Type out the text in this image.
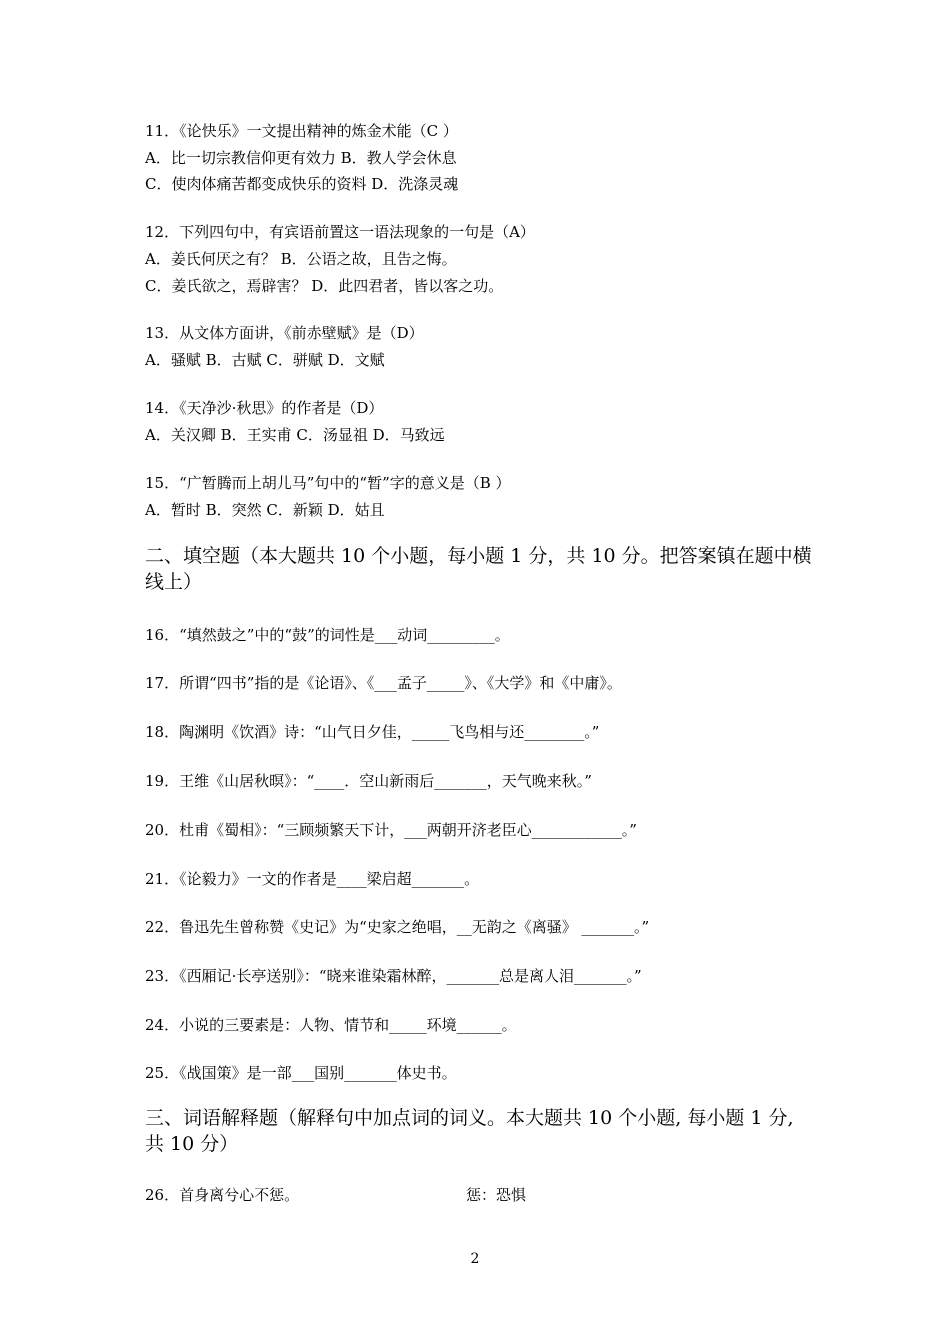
11．《论快乐》一文提出精神的炼金术能（C ）
A．比一切宗教信仰更有效力 B．教人学会休息
C．使肉体痛苦都变成快乐的资料 D．洗涤灵魂
12．下列四句中，有宾语前置这一语法现象的一句是（A）
A．姜氏何厌之有？ B．公语之故，且告之悔。
C．姜氏欲之，焉辟害？ D．此四君者，皆以客之功。
13．从文体方面讲，《前赤壁赋》是（D）
A．骚赋 B．古赋 C．骈赋 D．文赋
14．《天净沙·秋思》的作者是（D）
A．关汉卿 B．王实甫 C．汤显祖 D．马致远
15．“广暂腾而上胡儿马”句中的“暂”字的意义是（B ）
A．暂时 B．突然 C．新颖 D．姑且
二、填空题（本大题共 10 个小题，每小题 1 分，共 10 分。把答案镇在题中横线上）
16．“填然鼓之”中的“鼓”的词性是___动词_________。
17．所谓“四书”指的是《论语》、《___孟子_____》、《大学》和《中庸》。
18．陶渊明《饮酒》诗：“山气日夕佳，_____飞鸟相与还________。”
19．王维《山居秋暝》：“____．空山新雨后_______，天气晚来秋。”
20．杜甫《蜀相》：“三顾频繁天下计，___两朝开济老臣心____________。”
21．《论毅力》一文的作者是____梁启超_______。
22．鲁迅先生曾称赞《史记》为“史家之绝唱，__无韵之《离骚》 _______。”
23．《西厢记·长亭送别》：“晓来谁染霜林醉，_______总是离人泪_______。”
24．小说的三要素是：人物、情节和_____环境______。
25．《战国策》是一部___国别_______体史书。
三、词语解释题（解释句中加点词的词义。本大题共 10 个小题, 每小题 1 分, 共 10 分）
26．首身离兮心不惩。	惩：恐惧
2
